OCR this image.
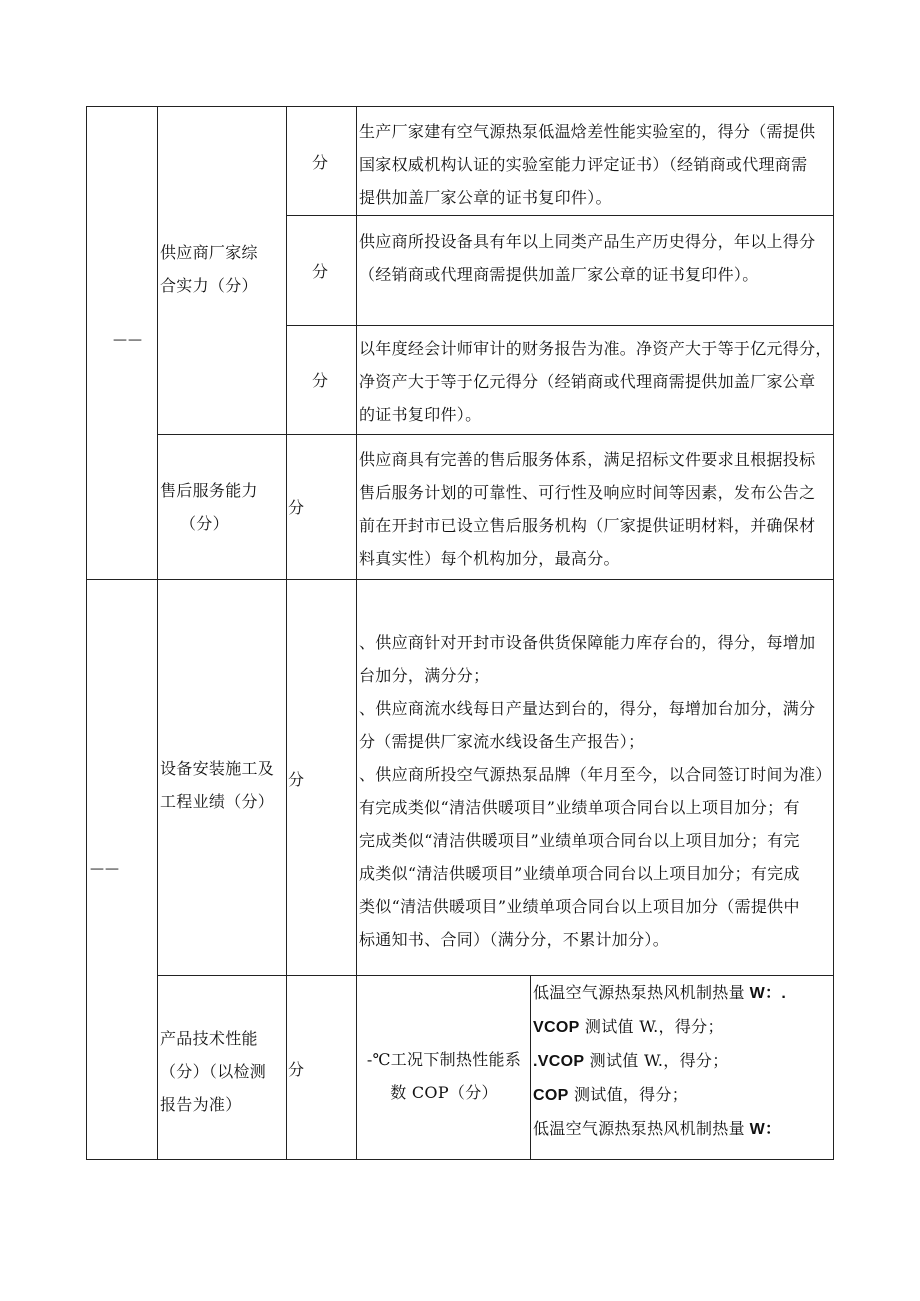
——
供应商厂家综
合实力（分）
分
生产厂家建有空气源热泵低温焓差性能实验室的，得分（需提供
国家权威机构认证的实验室能力评定证书）（经销商或代理商需
提供加盖厂家公章的证书复印件）。
分
供应商所投设备具有年以上同类产品生产历史得分，年以上得分
（经销商或代理商需提供加盖厂家公章的证书复印件）。
分
以年度经会计师审计的财务报告为准。净资产大于等于亿元得分，
净资产大于等于亿元得分（经销商或代理商需提供加盖厂家公章
的证书复印件）。
售后服务能力
（分）
分
供应商具有完善的售后服务体系，满足招标文件要求且根据投标
售后服务计划的可靠性、可行性及响应时间等因素，发布公告之
前在开封市已设立售后服务机构（厂家提供证明材料，并确保材
料真实性）每个机构加分，最高分。
——
设备安装施工及
工程业绩（分）
分
、供应商针对开封市设备供货保障能力库存台的，得分，每增加
台加分，满分分；
、供应商流水线每日产量达到台的，得分，每增加台加分，满分
分（需提供厂家流水线设备生产报告）；
、供应商所投空气源热泵品牌（年月至今，以合同签订时间为准）
有完成类似“清洁供暖项目”业绩单项合同台以上项目加分；有
完成类似“清洁供暖项目”业绩单项合同台以上项目加分；有完
成类似“清洁供暖项目”业绩单项合同台以上项目加分；有完成
类似“清洁供暖项目”业绩单项合同台以上项目加分（需提供中
标通知书、合同）（满分分，不累计加分）。
产品技术性能
（分）（以检测
报告为准）
分
-℃工况下制热性能系
数 COP（分）
低温空气源热泵热风机制热量 W：.
VCOP 测试值 W.，得分；
.VCOP 测试值 W.，得分；
COP 测试值，得分；
低温空气源热泵热风机制热量 W：
